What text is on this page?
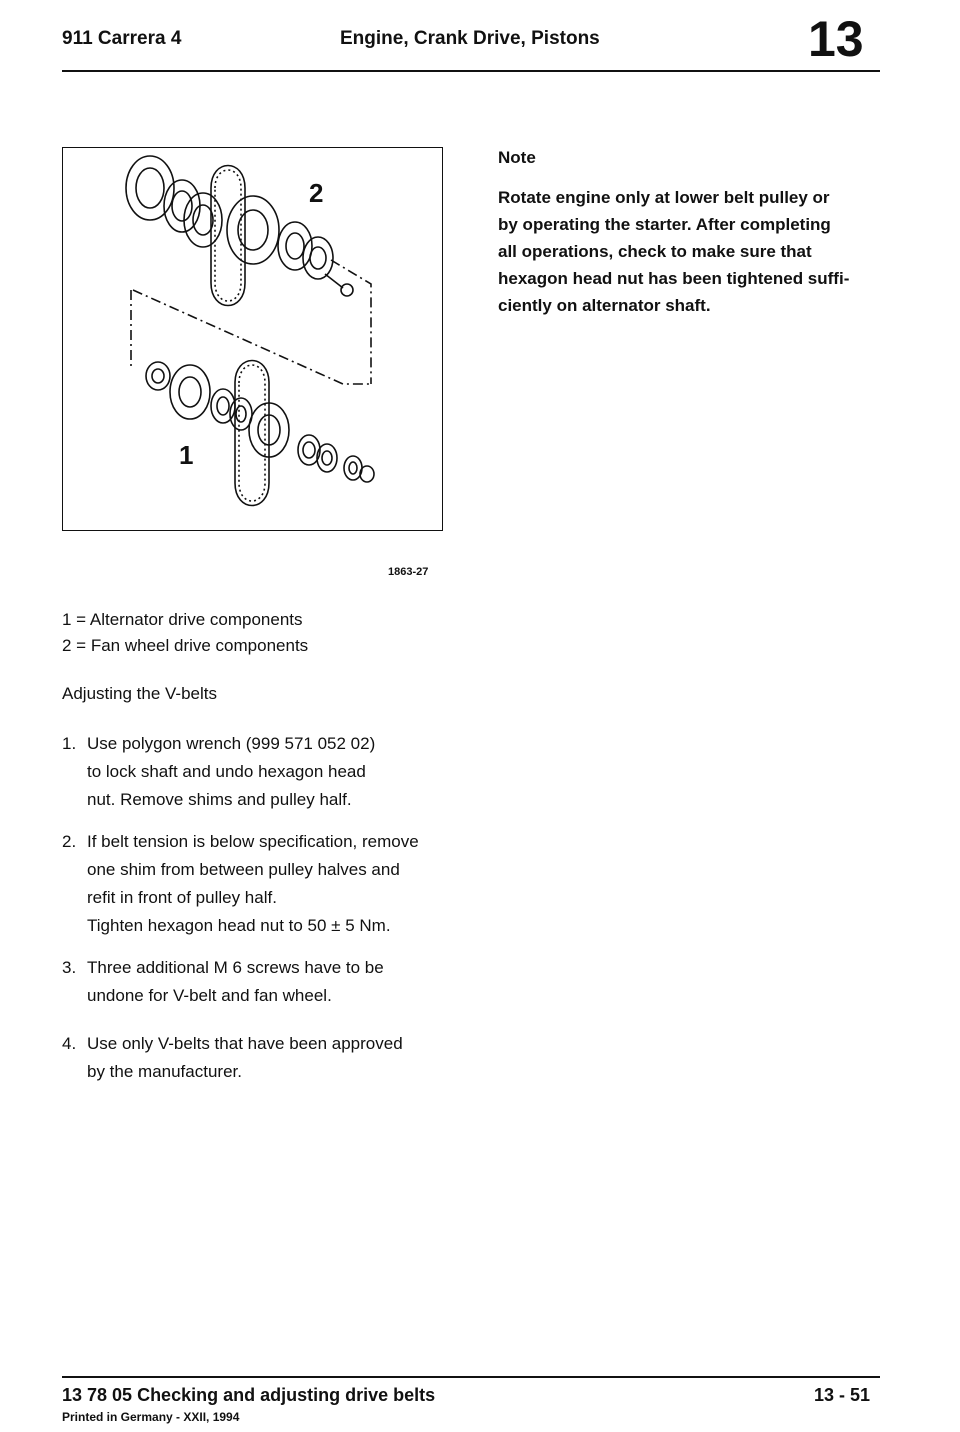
911 Carrera 4	Engine, Crank Drive, Pistons	13
2
1
1863-27
1 = Alternator drive components
2 = Fan wheel drive components
Adjusting the V-belts
1. Use polygon wrench (999 571 052 02)
to lock shaft and undo hexagon head
nut. Remove shims and pulley half.
2. If belt tension is below specification, remove
one shim from between pulley halves and
refit in front of pulley half.
Tighten hexagon head nut to 50 ± 5 Nm.
3. Three additional M 6 screws have to be
undone for V-belt and fan wheel.
4. Use only V-belts that have been approved
by the manufacturer.
Note
Rotate engine only at lower belt pulley or
by operating the starter. After completing
all operations, check to make sure that
hexagon head nut has been tightened suffi-
ciently on alternator shaft.
13 78 05 Checking and adjusting drive belts	13 - 51
Printed in Germany - XXII, 1994
